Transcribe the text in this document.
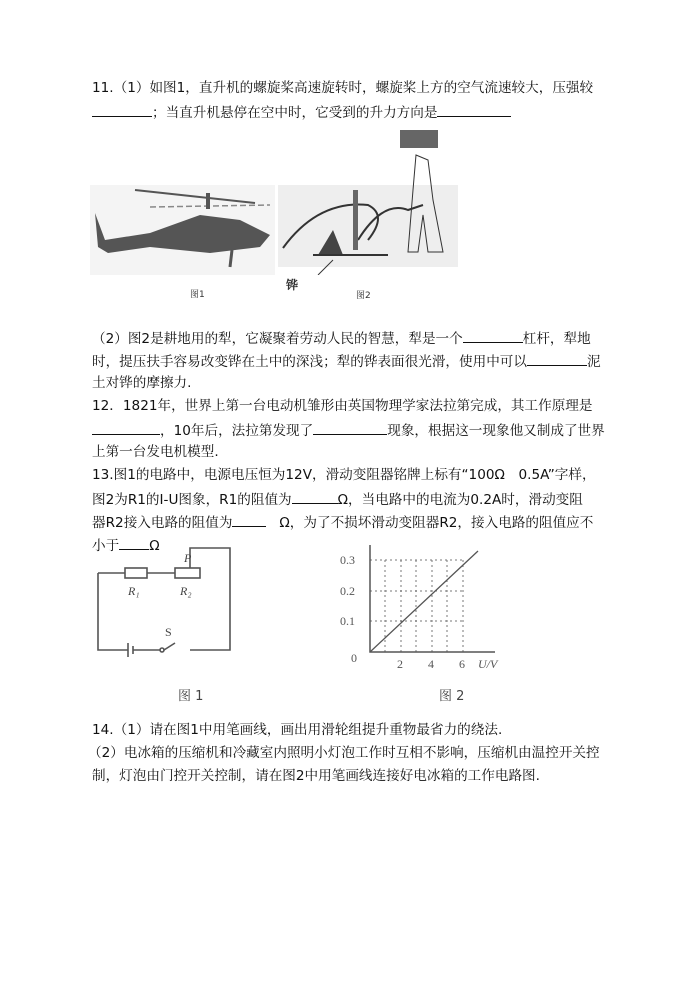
11.（1）如图1，直升机的螺旋桨高速旋转时，螺旋桨上方的空气流速较大，压强较
；当直升机悬停在空中时，它受到的升力方向是
图1
铧
图2
（2）图2是耕地用的犁，它凝聚着劳动人民的智慧，犁是一个	杠杆，犁地
时，提压扶手容易改变铧在土中的深浅；犁的铧表面很光滑，使用中可以	泥
土对铧的摩擦力.
12．1821年，世界上第一台电动机雏形由英国物理学家法拉第完成，其工作原理是
，10年后，法拉第发现了	现象，根据这一现象他又制成了世界
上第一台发电机模型.
13.图1的电路中，电源电压恒为12V，滑动变阻器铭牌上标有“100Ω　0.5A”字样，
图2为R1的I-U图象，R1的阻值为	Ω，当电路中的电流为0.2A时，滑动变阻
器R2接入电路的阻值为	Ω，为了不损坏滑动变阻器R2，接入电路的阻值应不
小于 Ω
P
R₁	R₂
S
图 1
0.3
0.2
0.1
0	2 4 6 U/V
图 2
14.（1）请在图1中用笔画线，画出用滑轮组提升重物最省力的绕法.
（2）电冰箱的压缩机和冷藏室内照明小灯泡工作时互相不影响，压缩机由温控开关控
制，灯泡由门控开关控制，请在图2中用笔画线连接好电冰箱的工作电路图.
